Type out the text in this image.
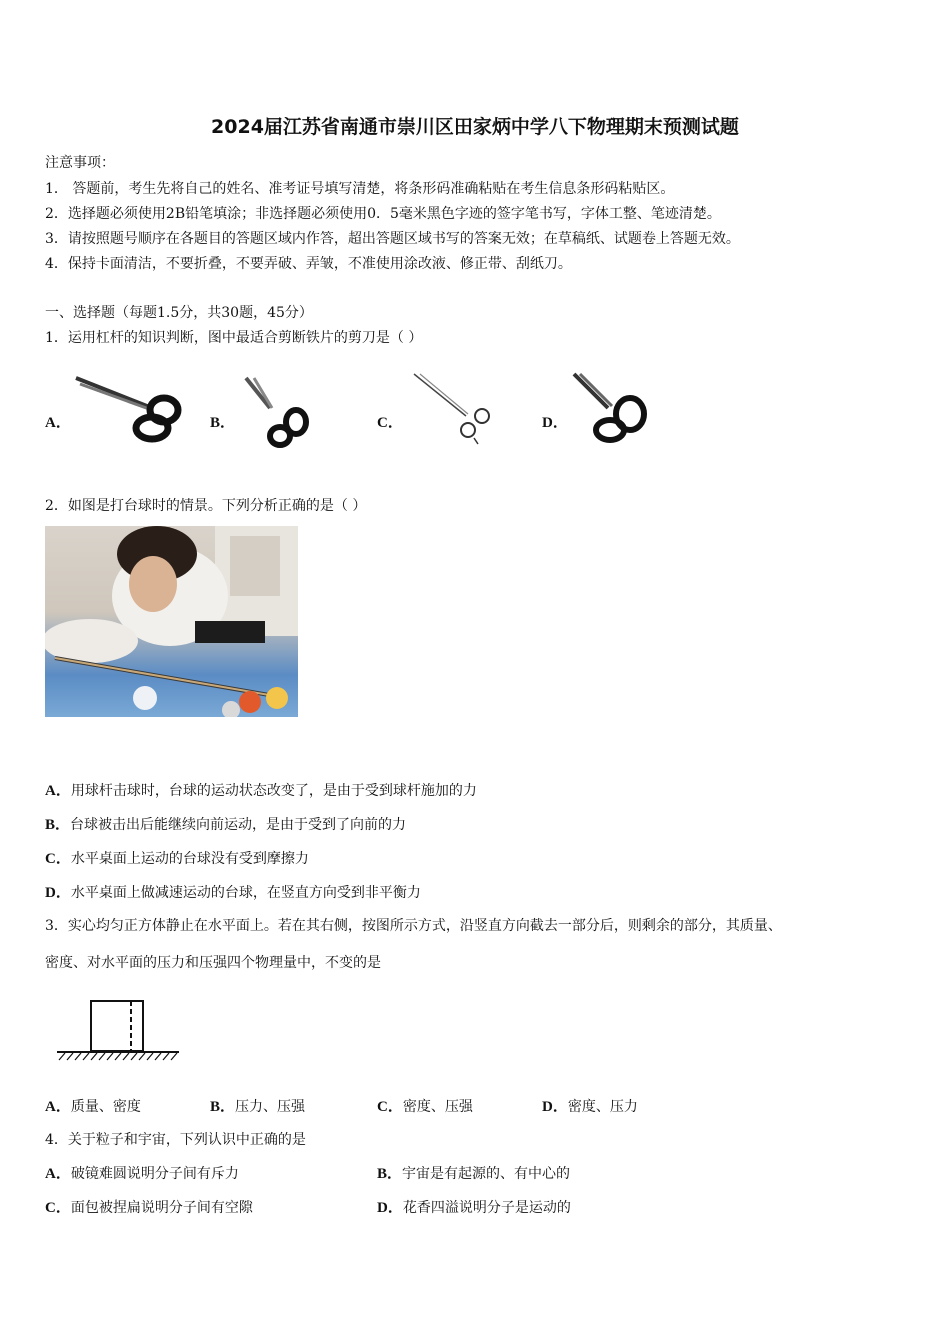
2024届江苏省南通市崇川区田家炳中学八下物理期末预测试题
注意事项：
1． 答题前，考生先将自己的姓名、准考证号填写清楚，将条形码准确粘贴在考生信息条形码粘贴区。
2．选择题必须使用2B铅笔填涂；非选择题必须使用0．5毫米黑色字迹的签字笔书写，字体工整、笔迹清楚。
3．请按照题号顺序在各题目的答题区域内作答，超出答题区域书写的答案无效；在草稿纸、试题卷上答题无效。
4．保持卡面清洁，不要折叠，不要弄破、弄皱，不准使用涂改液、修正带、刮纸刀。
一、选择题（每题1.5分，共30题，45分）
1．运用杠杆的知识判断，图中最适合剪断铁片的剪刀是（ ）
A．	B．	C．	D．
2．如图是打台球时的情景。下列分析正确的是（ ）
A．用球杆击球时，台球的运动状态改变了，是由于受到球杆施加的力
B．台球被击出后能继续向前运动，是由于受到了向前的力
C．水平桌面上运动的台球没有受到摩擦力
D．水平桌面上做减速运动的台球，在竖直方向受到非平衡力
3．实心均匀正方体静止在水平面上。若在其右侧，按图所示方式，沿竖直方向截去一部分后，则剩余的部分，其质量、
密度、对水平面的压力和压强四个物理量中，不变的是
A．质量、密度	B．压力、压强	C．密度、压强	D．密度、压力
4．关于粒子和宇宙，下列认识中正确的是
A．破镜难圆说明分子间有斥力	B．宇宙是有起源的、有中心的
C．面包被捏扁说明分子间有空隙	D．花香四溢说明分子是运动的
